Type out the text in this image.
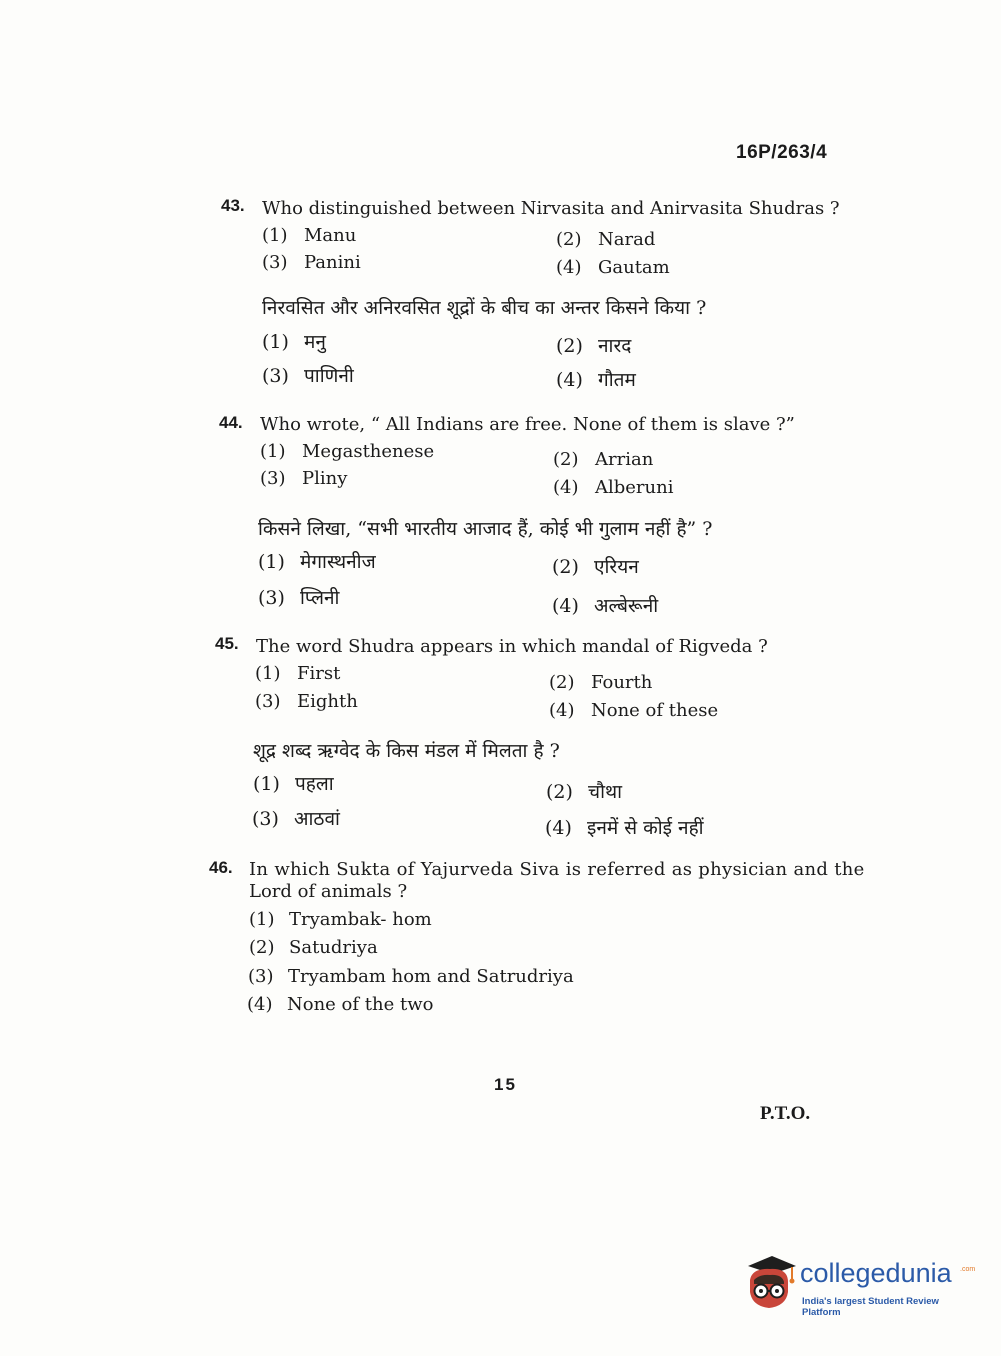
16P/263/4
43. Who distinguished between Nirvasita and Anirvasita Shudras ?
(1) Manu	(2) Narad
(3) Panini	(4) Gautam
निरवसित और अनिरवसित शूद्रों के बीच का अन्तर किसने किया ?
(1) मनु	(2) नारद
(3) पाणिनी	(4) गौतम
44. Who wrote, “ All Indians are free. None of them is slave ?”
(1) Megasthenese	(2) Arrian
(3) Pliny	(4) Alberuni
किसने लिखा, “सभी भारतीय आजाद हैं, कोई भी गुलाम नहीं है” ?
(1) मेगास्थनीज	(2) एरियन
(3) प्लिनी	(4) अल्बेरूनी
45. The word Shudra appears in which mandal of Rigveda ?
(1) First	(2) Fourth
(3) Eighth	(4) None of these
शूद्र शब्द ऋग्वेद के किस मंडल में मिलता है ?
(1) पहला	(2) चौथा
(3) आठवां	(4) इनमें से कोई नहीं
46. In which Sukta of Yajurveda Siva is referred as physician and the
Lord of animals ?
(1) Tryambak- hom
(2) Satudriya
(3) Tryambam hom and Satrudriya
(4) None of the two
15
P.T.O.
collegedunia .com
India's largest Student Review Platform
